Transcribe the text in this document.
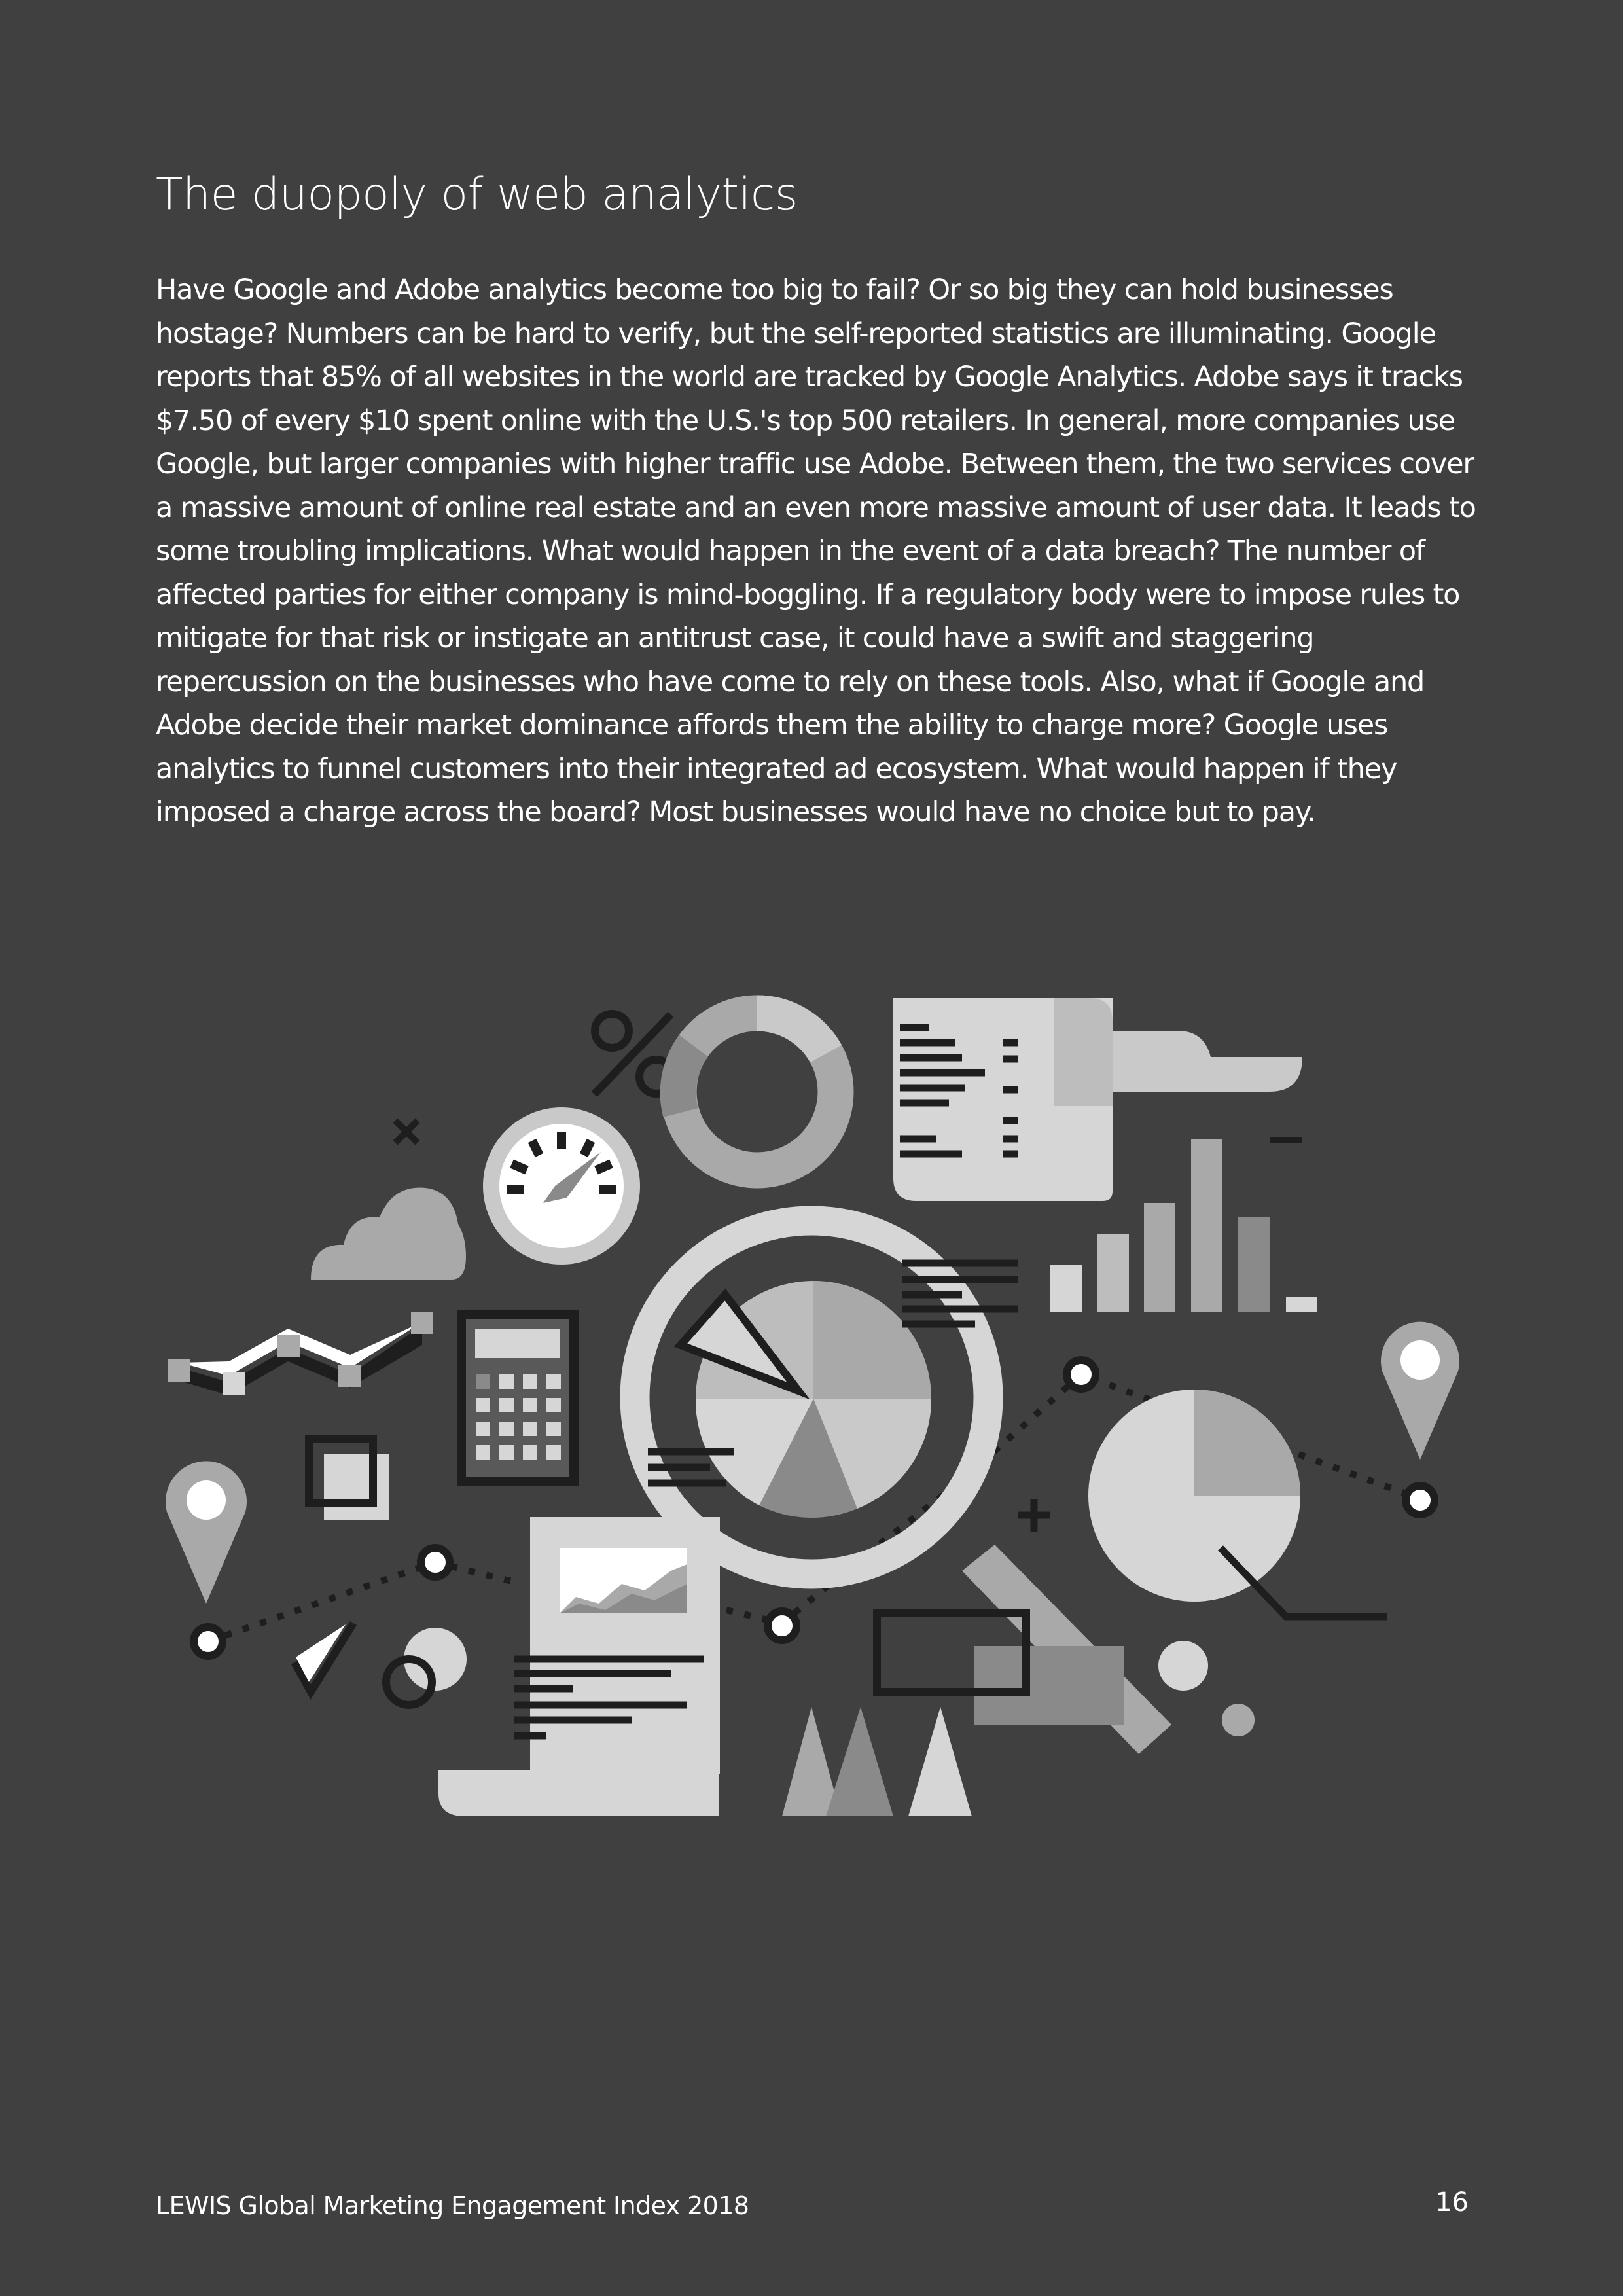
The duopoly of web analytics

Have Google and Adobe analytics become too big to fail? Or so big they can hold businesses hostage? Numbers can be hard to verify, but the self-reported statistics are illuminating. Google reports that 85% of all websites in the world are tracked by Google Analytics. Adobe says it tracks $7.50 of every $10 spent online with the U.S.'s top 500 retailers. In general, more companies use Google, but larger companies with higher traffic use Adobe. Between them, the two services cover a massive amount of online real estate and an even more massive amount of user data. It leads to some troubling implications. What would happen in the event of a data breach? The number of affected parties for either company is mind-boggling. If a regulatory body were to impose rules to mitigate for that risk or instigate an antitrust case, it could have a swift and staggering repercussion on the businesses who have come to rely on these tools. Also, what if Google and Adobe decide their market dominance affords them the ability to charge more? Google uses analytics to funnel customers into their integrated ad ecosystem. What would happen if they imposed a charge across the board? Most businesses would have no choice but to pay.

LEWIS Global Marketing Engagement Index 2018	16
